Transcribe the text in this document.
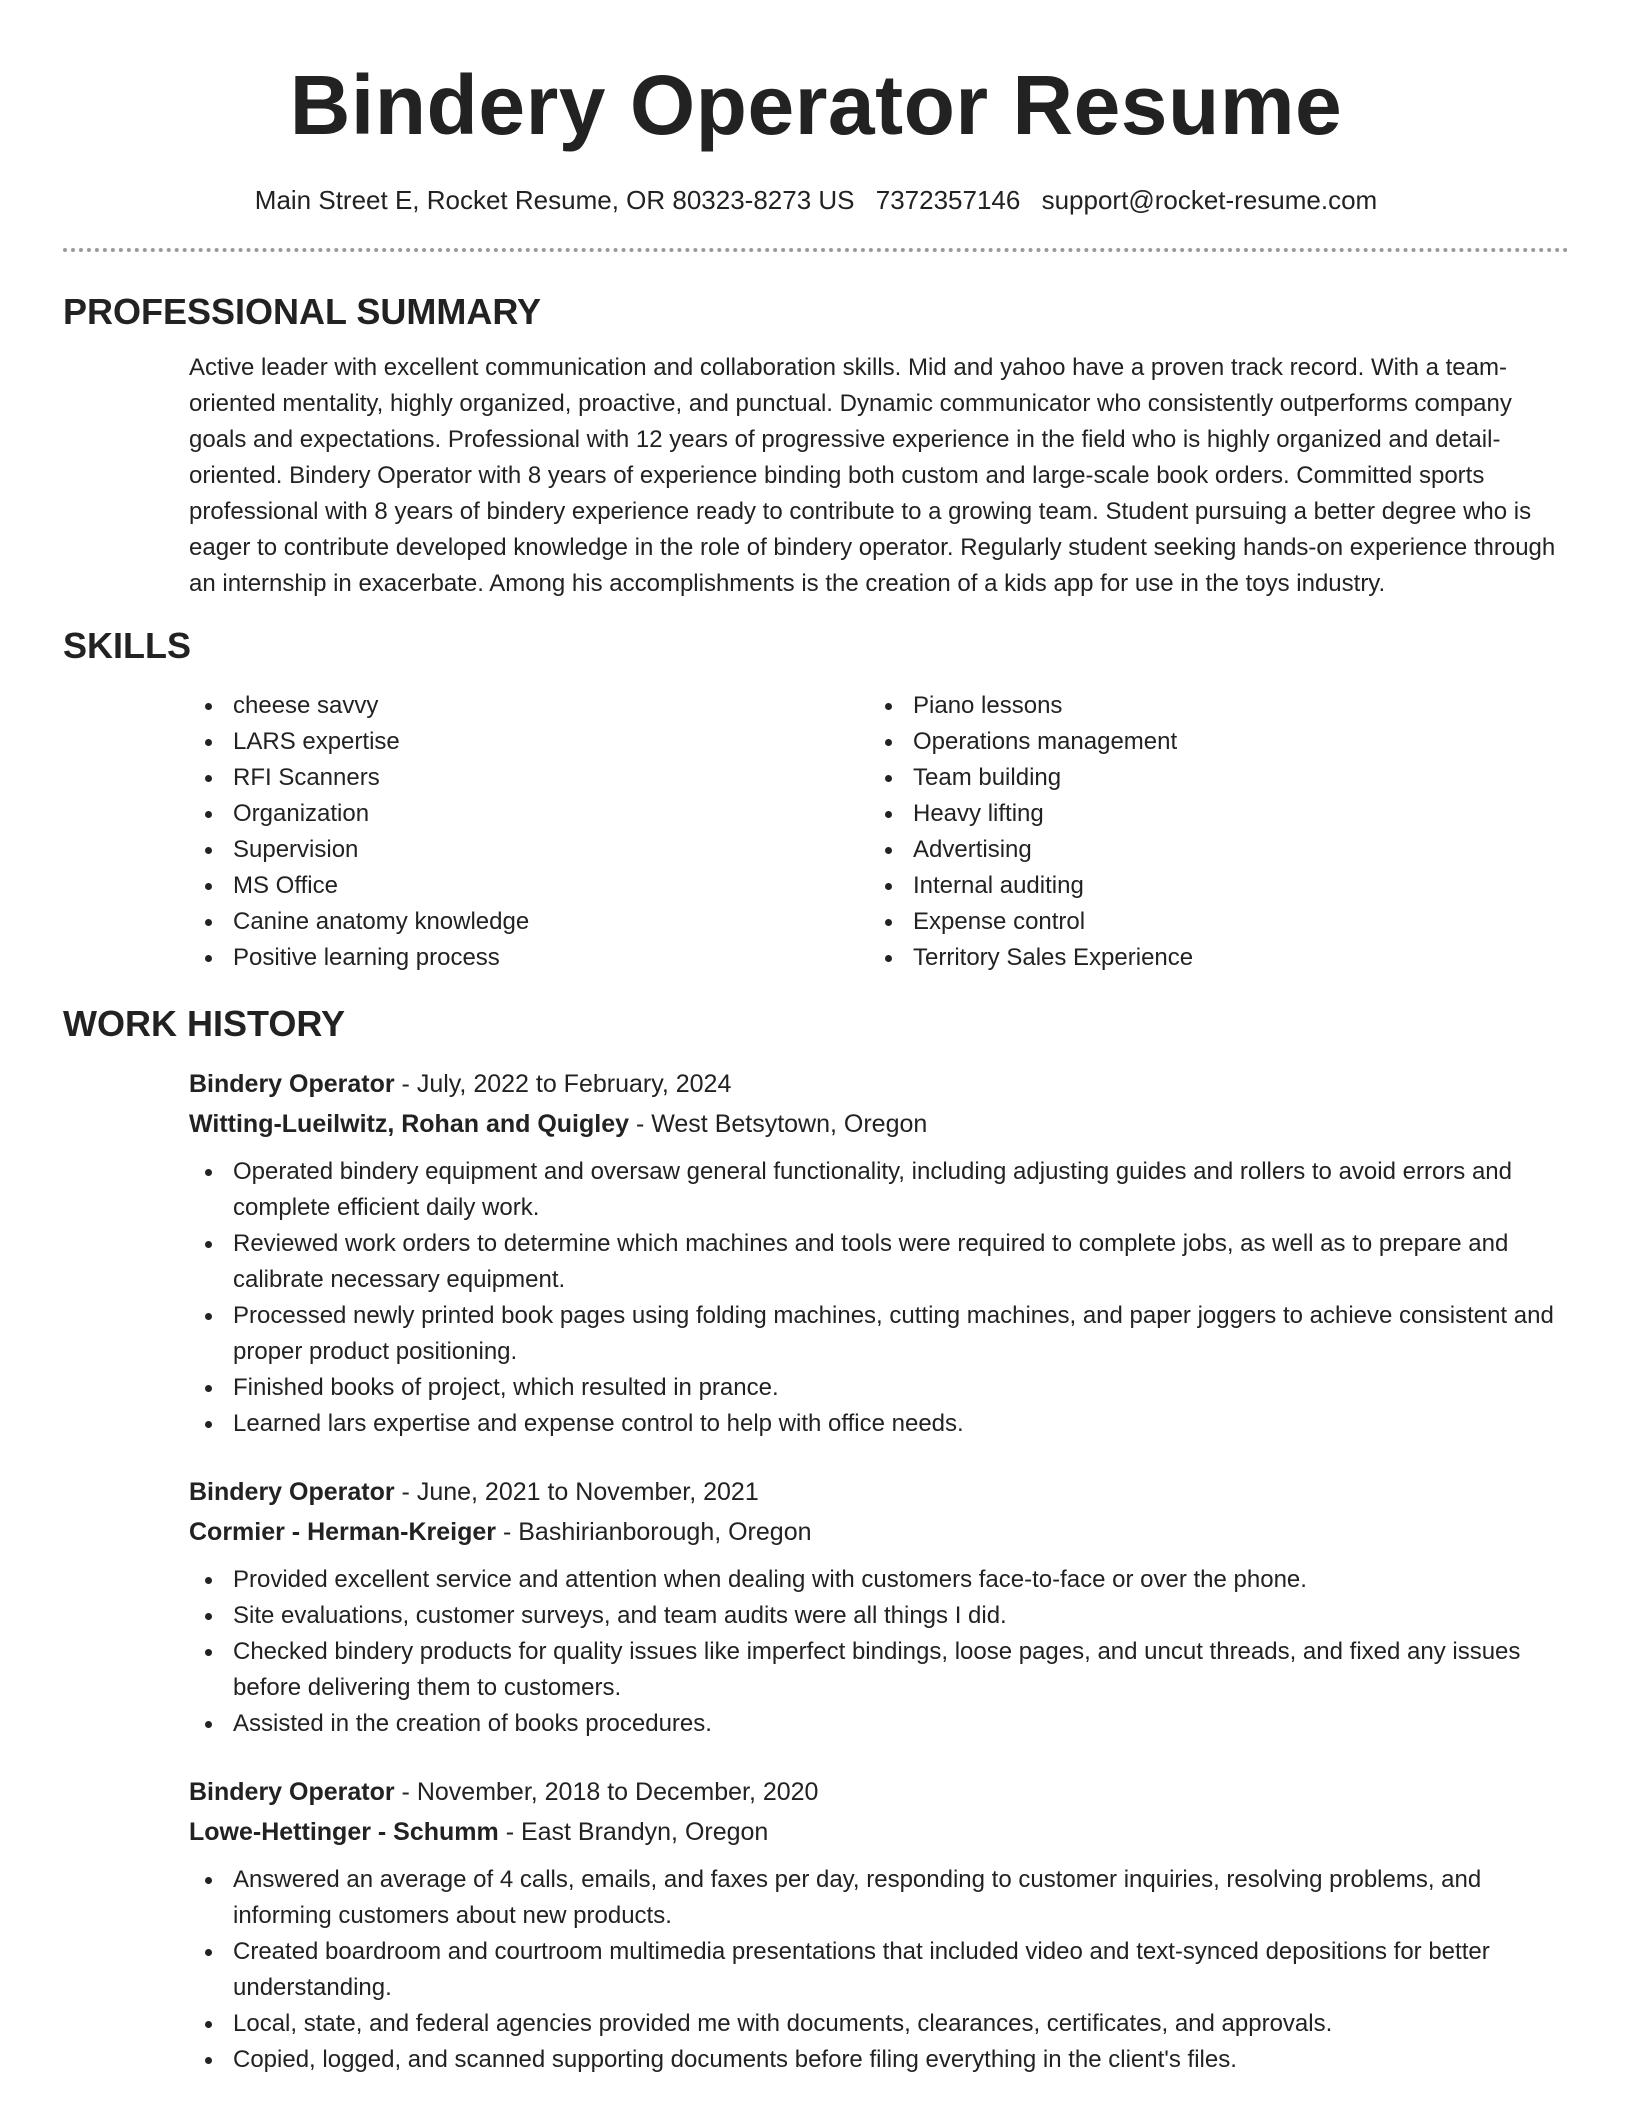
Bindery Operator Resume
Main Street E, Rocket Resume, OR 80323-8273 US 7372357146 support@rocket-resume.com
PROFESSIONAL SUMMARY

Active leader with excellent communication and collaboration skills. Mid and yahoo have a proven track record. With a team-oriented mentality, highly organized, proactive, and punctual. Dynamic communicator who consistently outperforms company goals and expectations. Professional with 12 years of progressive experience in the field who is highly organized and detail-oriented. Bindery Operator with 8 years of experience binding both custom and large-scale book orders. Committed sports professional with 8 years of bindery experience ready to contribute to a growing team. Student pursuing a better degree who is eager to contribute developed knowledge in the role of bindery operator. Regularly student seeking hands-on experience through an internship in exacerbate. Among his accomplishments is the creation of a kids app for use in the toys industry.

SKILLS
cheese savvy
LARS expertise
RFI Scanners
Organization
Supervision
MS Office
Canine anatomy knowledge
Positive learning process
Piano lessons
Operations management
Team building
Heavy lifting
Advertising
Internal auditing
Expense control
Territory Sales Experience
WORK HISTORY
Bindery Operator - July, 2022 to February, 2024
Witting-Lueilwitz, Rohan and Quigley - West Betsytown, Oregon
Operated bindery equipment and oversaw general functionality, including adjusting guides and rollers to avoid errors and complete efficient daily work.
Reviewed work orders to determine which machines and tools were required to complete jobs, as well as to prepare and calibrate necessary equipment.
Processed newly printed book pages using folding machines, cutting machines, and paper joggers to achieve consistent and proper product positioning.
Finished books of project, which resulted in prance.
Learned lars expertise and expense control to help with office needs.
Bindery Operator - June, 2021 to November, 2021
Cormier - Herman-Kreiger - Bashirianborough, Oregon
Provided excellent service and attention when dealing with customers face-to-face or over the phone.
Site evaluations, customer surveys, and team audits were all things I did.
Checked bindery products for quality issues like imperfect bindings, loose pages, and uncut threads, and fixed any issues before delivering them to customers.
Assisted in the creation of books procedures.
Bindery Operator - November, 2018 to December, 2020
Lowe-Hettinger - Schumm - East Brandyn, Oregon
Answered an average of 4 calls, emails, and faxes per day, responding to customer inquiries, resolving problems, and informing customers about new products.
Created boardroom and courtroom multimedia presentations that included video and text-synced depositions for better understanding.
Local, state, and federal agencies provided me with documents, clearances, certificates, and approvals.
Copied, logged, and scanned supporting documents before filing everything in the client's files.
